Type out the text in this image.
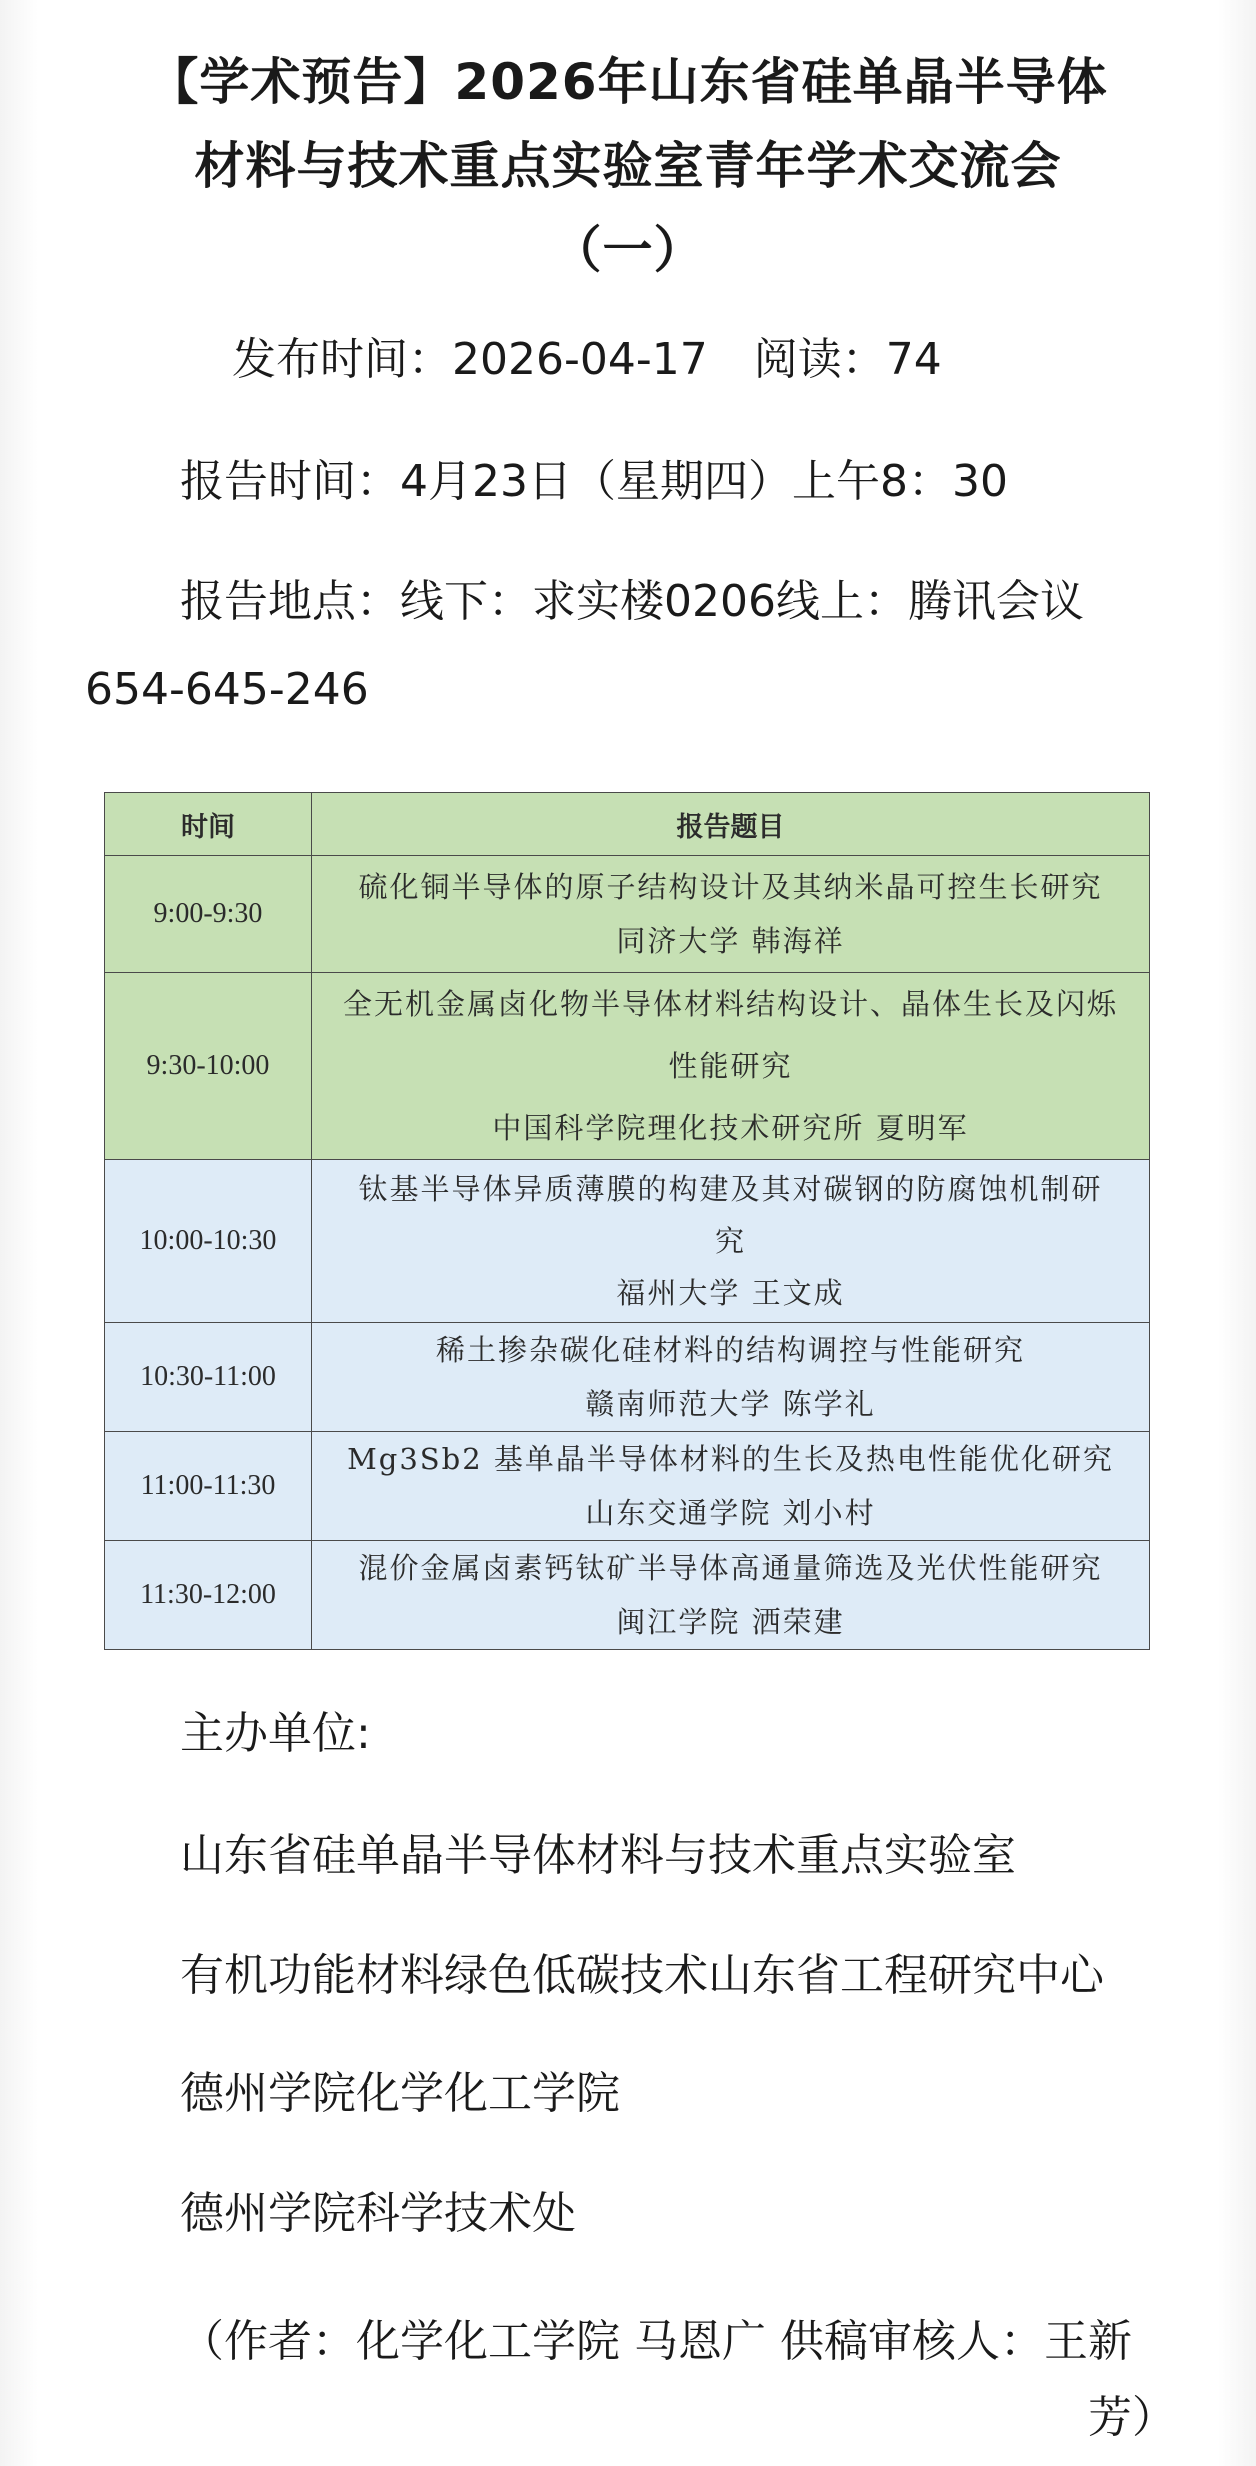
【学术预告】2026年山东省硅单晶半导体
材料与技术重点实验室青年学术交流会
（一）

发布时间：2026-04-17 阅读：74

报告时间：4月23日（星期四）上午8：30

报告地点：线下：求实楼0206线上：腾讯会议

654-645-246

时间	报告题目
9:00-9:30	硫化铜半导体的原子结构设计及其纳米晶可控生长研究
同济大学 韩海祥

9:30-10:00	全无机金属卤化物半导体材料结构设计、晶体生长及闪烁
性能研究
中国科学院理化技术研究所 夏明军

10:00-10:30	钛基半导体异质薄膜的构建及其对碳钢的防腐蚀机制研
究
福州大学 王文成

10:30-11:00	稀土掺杂碳化硅材料的结构调控与性能研究
赣南师范大学 陈学礼

11:00-11:30	Mg3Sb2 基单晶半导体材料的生长及热电性能优化研究
山东交通学院 刘小村

11:30-12:00	混价金属卤素钙钛矿半导体高通量筛选及光伏性能研究
闽江学院 洒荣建

主办单位:

山东省硅单晶半导体材料与技术重点实验室

有机功能材料绿色低碳技术山东省工程研究中心

德州学院化学化工学院

德州学院科学技术处

（作者：化学化工学院 马恩广 供稿审核人：王新
芳）
